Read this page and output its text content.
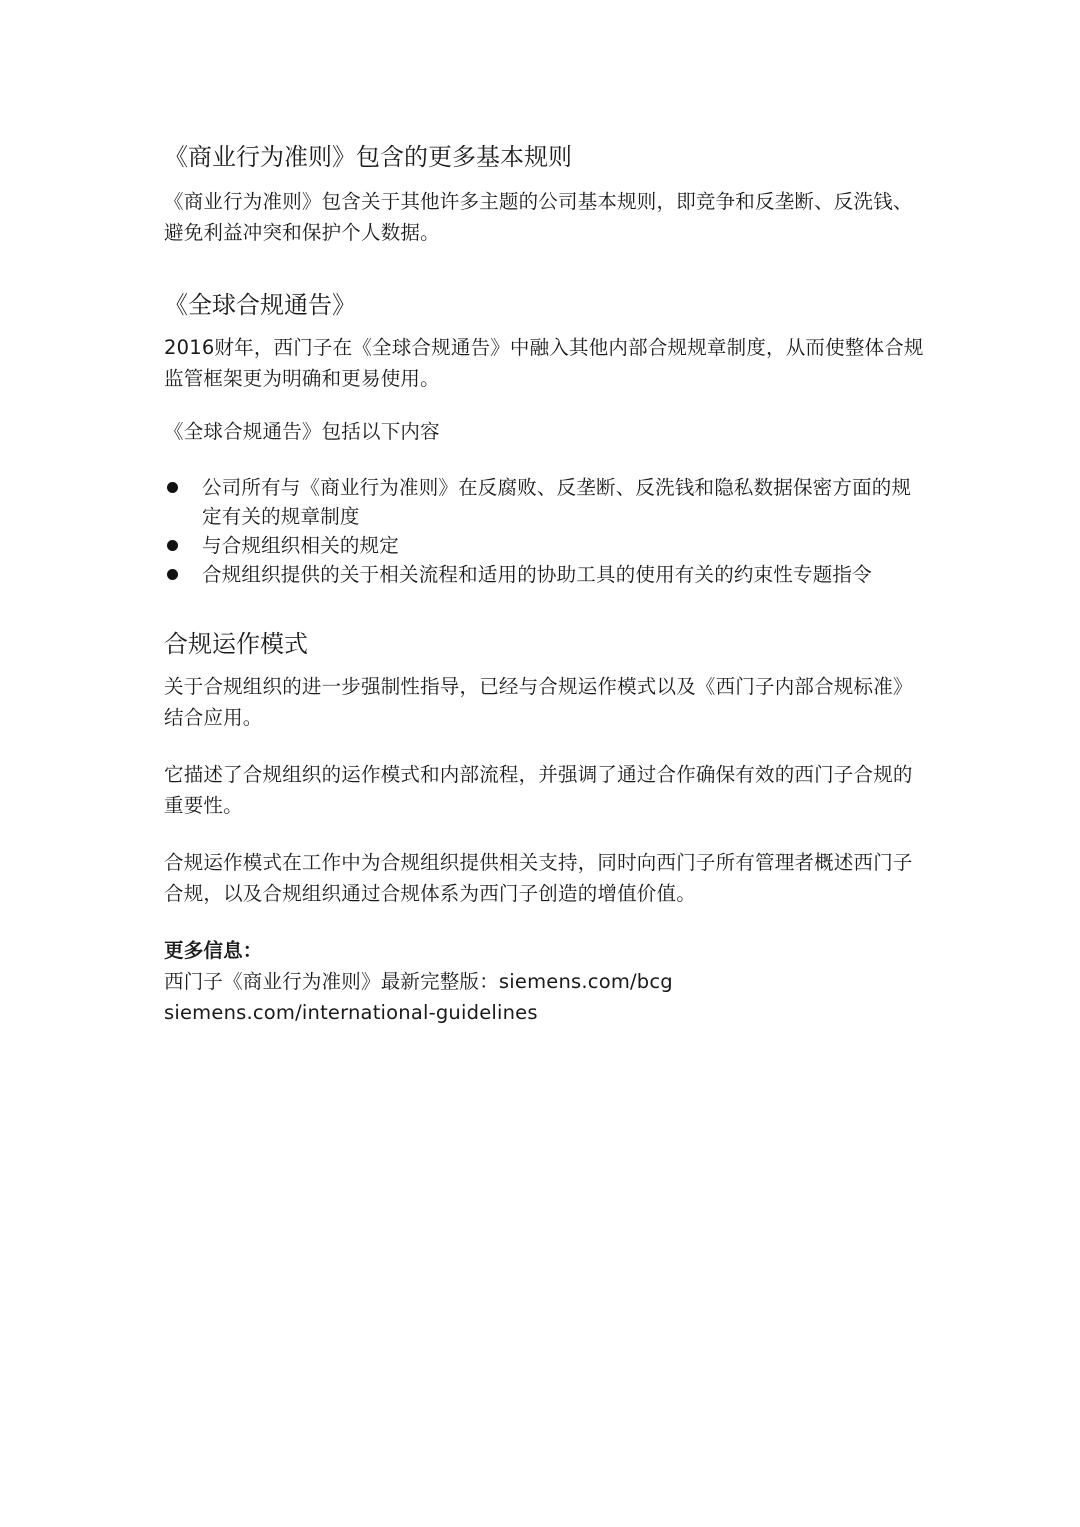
《商业行为准则》包含的更多基本规则

《商业行为准则》包含关于其他许多主题的公司基本规则，即竞争和反垄断、反洗钱、避免利益冲突和保护个人数据。

《全球合规通告》

2016财年，西门子在《全球合规通告》中融入其他内部合规规章制度，从而使整体合规监管框架更为明确和更易使用。

《全球合规通告》包括以下内容

公司所有与《商业行为准则》在反腐败、反垄断、反洗钱和隐私数据保密方面的规定有关的规章制度
与合规组织相关的规定
合规组织提供的关于相关流程和适用的协助工具的使用有关的约束性专题指令
合规运作模式

关于合规组织的进一步强制性指导，已经与合规运作模式以及《西门子内部合规标准》结合应用。

它描述了合规组织的运作模式和内部流程，并强调了通过合作确保有效的西门子合规的重要性。

合规运作模式在工作中为合规组织提供相关支持，同时向西门子所有管理者概述西门子合规，以及合规组织通过合规体系为西门子创造的增值价值。

更多信息：

西门子《商业行为准则》最新完整版：siemens.com/bcg

siemens.com/international-guidelines
